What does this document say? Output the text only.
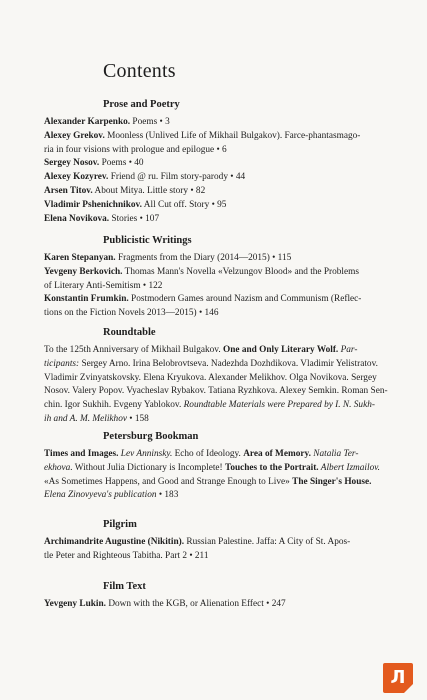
Contents
Prose and Poetry
Alexander Karpenko. Poems • 3
Alexey Grekov. Moonless (Unlived Life of Mikhail Bulgakov). Farce-phantasmago-
ria in four visions with prologue and epilogue • 6
Sergey Nosov. Poems • 40
Alexey Kozyrev. Friend @ ru. Film story-parody • 44
Arsen Titov. About Mitya. Little story • 82
Vladimir Pshenichnikov. All Cut off. Story • 95
Elena Novikova. Stories • 107
Publicistic Writings
Karen Stepanyan. Fragments from the Diary (2014—2015) • 115
Yevgeny Berkovich. Thomas Mann's Novella «Velzungov Blood» and the Problems
of Literary Anti-Semitism • 122
Konstantin Frumkin. Postmodern Games around Nazism and Communism (Reflec-
tions on the Fiction Novels 2013—2015) • 146
Roundtable
To the 125th Anniversary of Mikhail Bulgakov. One and Only Literary Wolf. Par-
ticipants: Sergey Arno. Irina Belobrovtseva. Nadezhda Dozhdikova. Vladimir Yelistratov.
Vladimir Zvinyatskovsky. Elena Kryukova. Alexander Melikhov. Olga Novikova. Sergey
Nosov. Valery Popov. Vyacheslav Rybakov. Tatiana Ryzhkova. Alexey Semkin. Roman Sen-
chin. Igor Sukhih. Evgeny Yablokov. Roundtable Materials were Prepared by I. N. Sukh-
ih and A. M. Melikhov • 158
Petersburg Bookman
Times and Images. Lev Anninsky. Echo of Ideology. Area of Memory. Natalia Ter-
ekhova. Without Julia Dictionary is Incomplete! Touches to the Portrait. Albert Izmailov.
«As Sometimes Happens, and Good and Strange Enough to Live» The Singer's House.
Elena Zinovyeva's publication • 183
Pilgrim
Archimandrite Augustine (Nikitin). Russian Palestine. Jaffa: A City of St. Apos-
tle Peter and Righteous Tabitha. Part 2 • 211
Film Text
Yevgeny Lukin. Down with the KGB, or Alienation Effect • 247
Л
